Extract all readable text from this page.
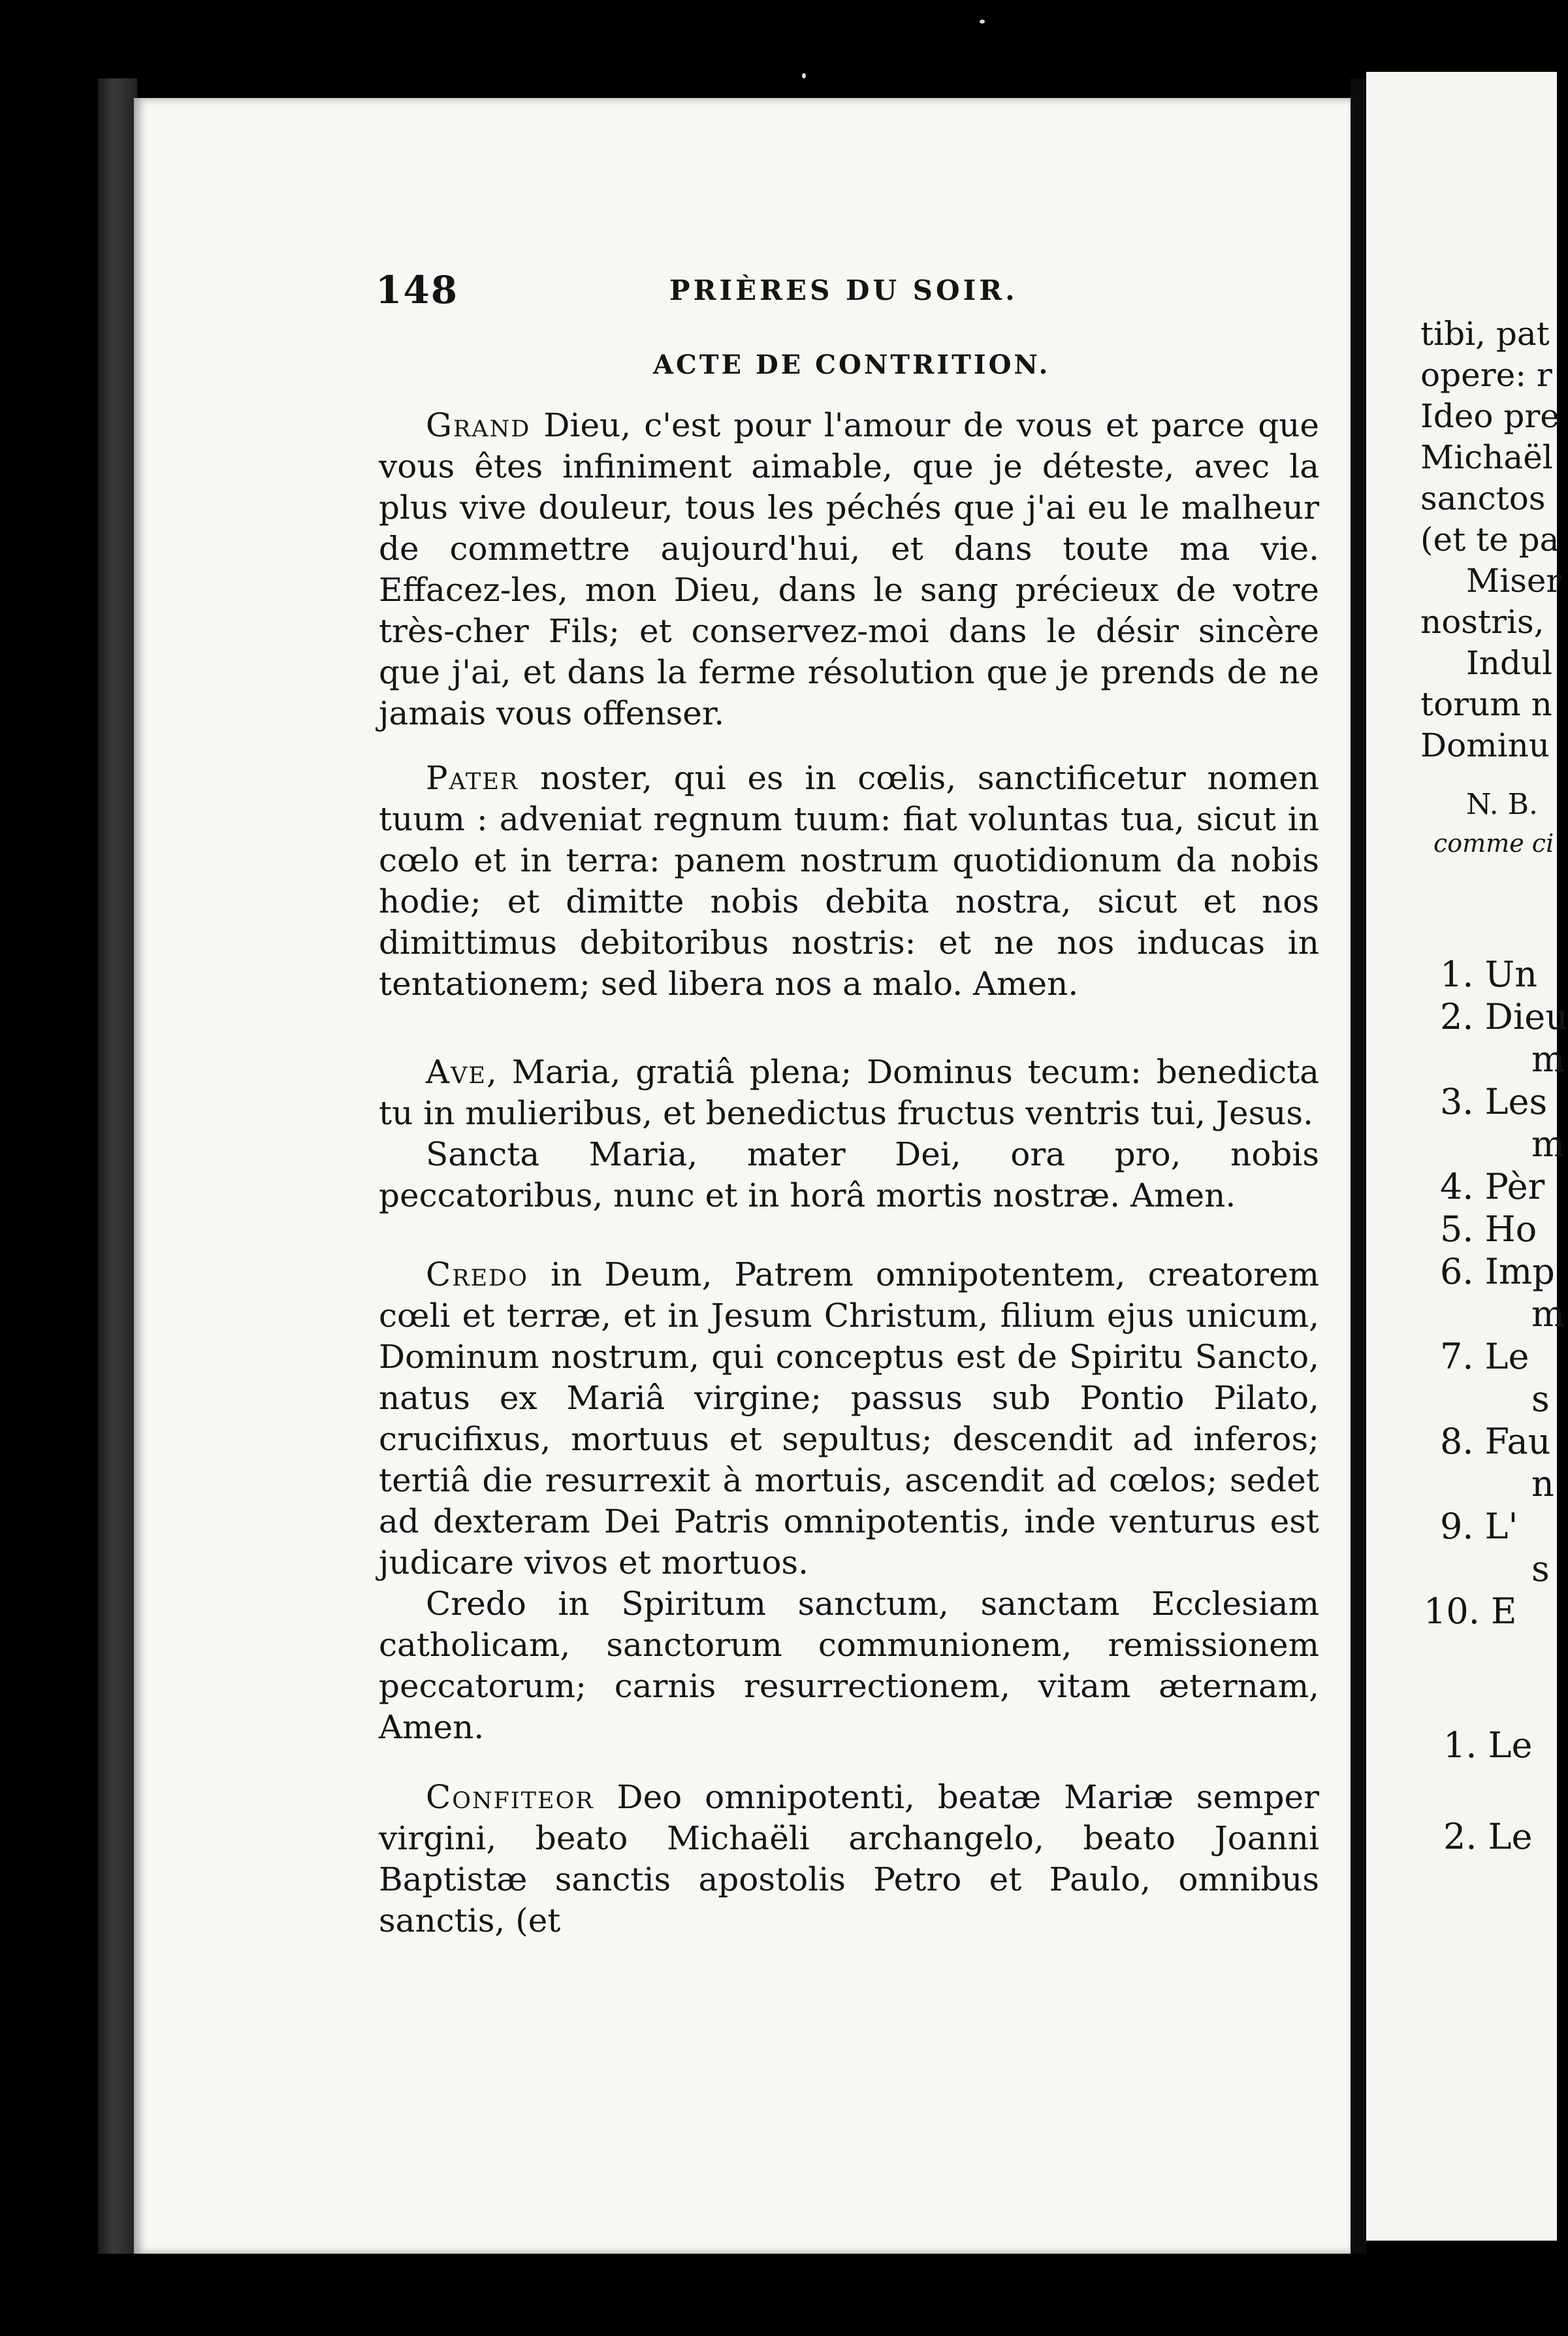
148	PRIÈRES DU SOIR.
ACTE DE CONTRITION.

Grand Dieu, c'est pour l'amour de vous et parce que vous êtes infiniment aimable, que je déteste, avec la plus vive douleur, tous les péchés que j'ai eu le malheur de commettre aujourd'hui, et dans toute ma vie. Effacez-les, mon Dieu, dans le sang précieux de votre très-cher Fils; et conservez-moi dans le désir sincère que j'ai, et dans la ferme résolution que je prends de ne jamais vous offenser.

Pater noster, qui es in cœlis, sanctificetur nomen tuum : adveniat regnum tuum: fiat voluntas tua, sicut in cœlo et in terra: panem nostrum quotidionum da nobis hodie; et dimitte nobis debita nostra, sicut et nos dimittimus debitoribus nostris: et ne nos inducas in tentationem; sed libera nos a malo. Amen.

Ave, Maria, gratiâ plena; Dominus tecum: benedicta tu in mulieribus, et benedictus fructus ventris tui, Jesus.

Sancta Maria, mater Dei, ora pro, nobis peccatoribus, nunc et in horâ mortis nostræ. Amen.

Credo in Deum, Patrem omnipotentem, creatorem cœli et terræ, et in Jesum Christum, filium ejus unicum, Dominum nostrum, qui conceptus est de Spiritu Sancto, natus ex Mariâ virgine; passus sub Pontio Pilato, crucifixus, mortuus et sepultus; descendit ad inferos; tertiâ die resurrexit à mortuis, ascendit ad cœlos; sedet ad dexteram Dei Patris omnipotentis, inde venturus est judicare vivos et mortuos.

Credo in Spiritum sanctum, sanctam Ecclesiam catholicam, sanctorum communionem, remissionem peccatorum; carnis resurrectionem, vitam æternam, Amen.

Confiteor Deo omnipotenti, beatæ Mariæ semper virgini, beato Michaëli archangelo, beato Joanni Baptistæ sanctis apostolis Petro et Paulo, omnibus sanctis, (et

tibi, pat
opere: r
Ideo pre
Michaël
sanctos
(et te pa
Miser
nostris,
Indul
torum n
Dominu
N. B.
comme ci
1. Un
2. Dieu
m
3. Les
m
4. Pèr
5. Ho
6. Imp
m
7. Le
s
8. Fau
n
9. L'
s
10. E
1. Le
2. Le
